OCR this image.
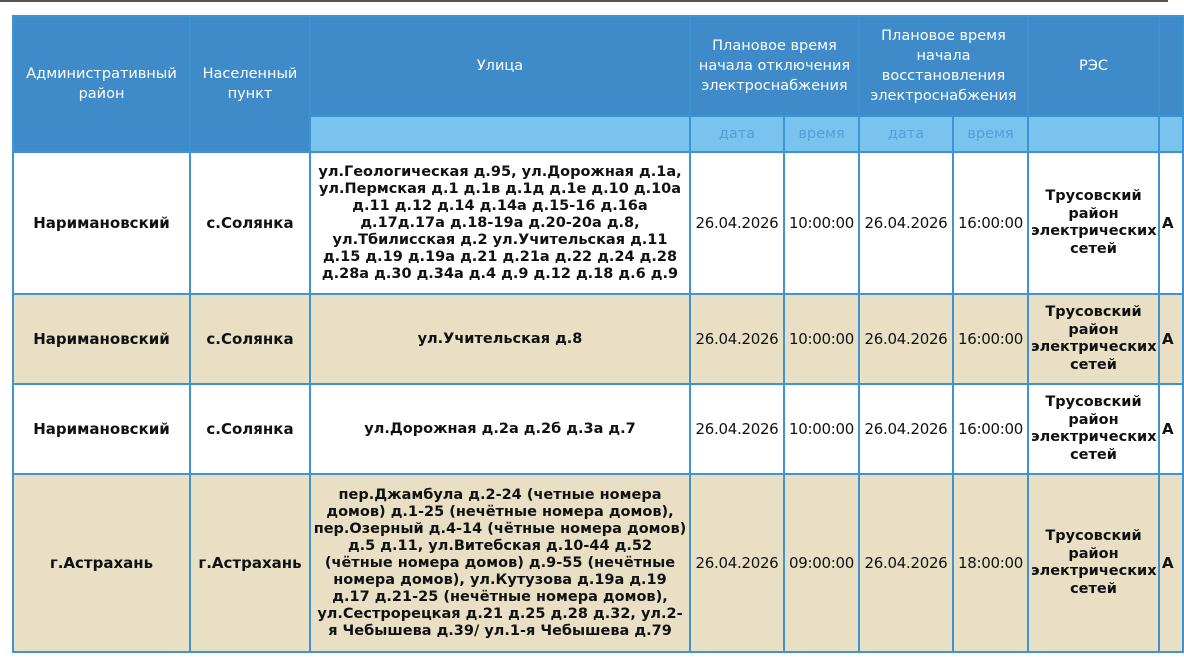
Административный район	Населенный пункт	Улица	Плановое время начала отключения электроснабжения		Плановое время начала восстановления электроснабжения		РЭС	
			дата	время	дата	время		
Наримановский	с.Солянка	ул.Геологическая д.95, ул.Дорожная д.1а, ул.Пермская д.1 д.1в д.1д д.1е д.10 д.10а д.11 д.12 д.14 д.14а д.15-16 д.16а д.17д.17а д.18-19а д.20-20а д.8, ул.Тбилисская д.2 ул.Учительская д.11 д.15 д.19 д.19а д.21 д.21а д.22 д.24 д.28 д.28а д.30 д.34а д.4 д.9 д.12 д.18 д.6 д.9	26.04.2026	10:00:00	26.04.2026	16:00:00	Трусовский район электрических сетей	А
Наримановский	с.Солянка	ул.Учительская д.8	26.04.2026	10:00:00	26.04.2026	16:00:00	Трусовский район электрических сетей	А
Наримановский	с.Солянка	ул.Дорожная д.2а д.2б д.3а д.7	26.04.2026	10:00:00	26.04.2026	16:00:00	Трусовский район электрических сетей	А
г.Астрахань	г.Астрахань	пер.Джамбула д.2-24 (четные номера домов) д.1-25 (нечётные номера домов), пер.Озерный д.4-14 (чётные номера домов) д.5 д.11, ул.Витебская д.10-44 д.52 (чётные номера домов) д.9-55 (нечётные номера домов), ул.Кутузова д.19а д.19 д.17 д.21-25 (нечётные номера домов), ул.Сестрорецкая д.21 д.25 д.28 д.32, ул.2-я Чебышева д.39/ ул.1-я Чебышева д.79	26.04.2026	09:00:00	26.04.2026	18:00:00	Трусовский район электрических сетей	А
